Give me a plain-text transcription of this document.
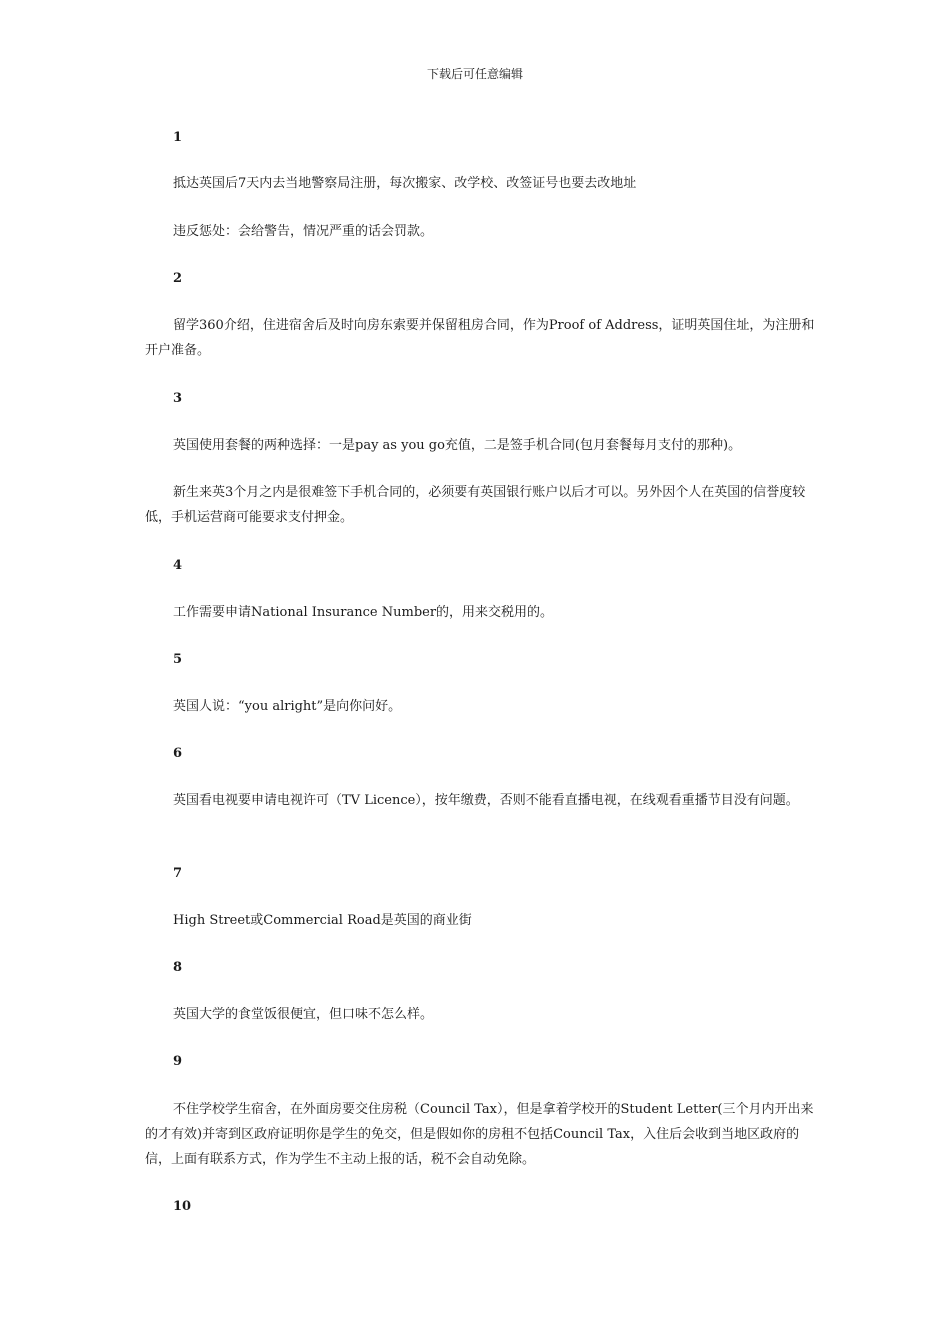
下载后可任意编辑
1

抵达英国后7天内去当地警察局注册，每次搬家、改学校、改签证号也要去改地址

违反惩处：会给警告，情况严重的话会罚款。

2

留学360介绍，住进宿舍后及时向房东索要并保留租房合同，作为Proof of Address，证明英国住址，为注册和开户准备。

3

英国使用套餐的两种选择：一是pay as you go充值，二是签手机合同(包月套餐每月支付的那种)。

新生来英3个月之内是很难签下手机合同的，必须要有英国银行账户以后才可以。另外因个人在英国的信誉度较低，手机运营商可能要求支付押金。

4

工作需要申请National Insurance Number的，用来交税用的。

5

英国人说：“you alright”是向你问好。

6

英国看电视要申请电视许可（TV Licence），按年缴费，否则不能看直播电视，在线观看重播节目没有问题。

7

High Street或Commercial Road是英国的商业街

8

英国大学的食堂饭很便宜，但口味不怎么样。

9

不住学校学生宿舍，在外面房要交住房税（Council Tax），但是拿着学校开的Student Letter(三个月内开出来的才有效)并寄到区政府证明你是学生的免交，但是假如你的房租不包括Council Tax，入住后会收到当地区政府的信，上面有联系方式，作为学生不主动上报的话，税不会自动免除。

10
